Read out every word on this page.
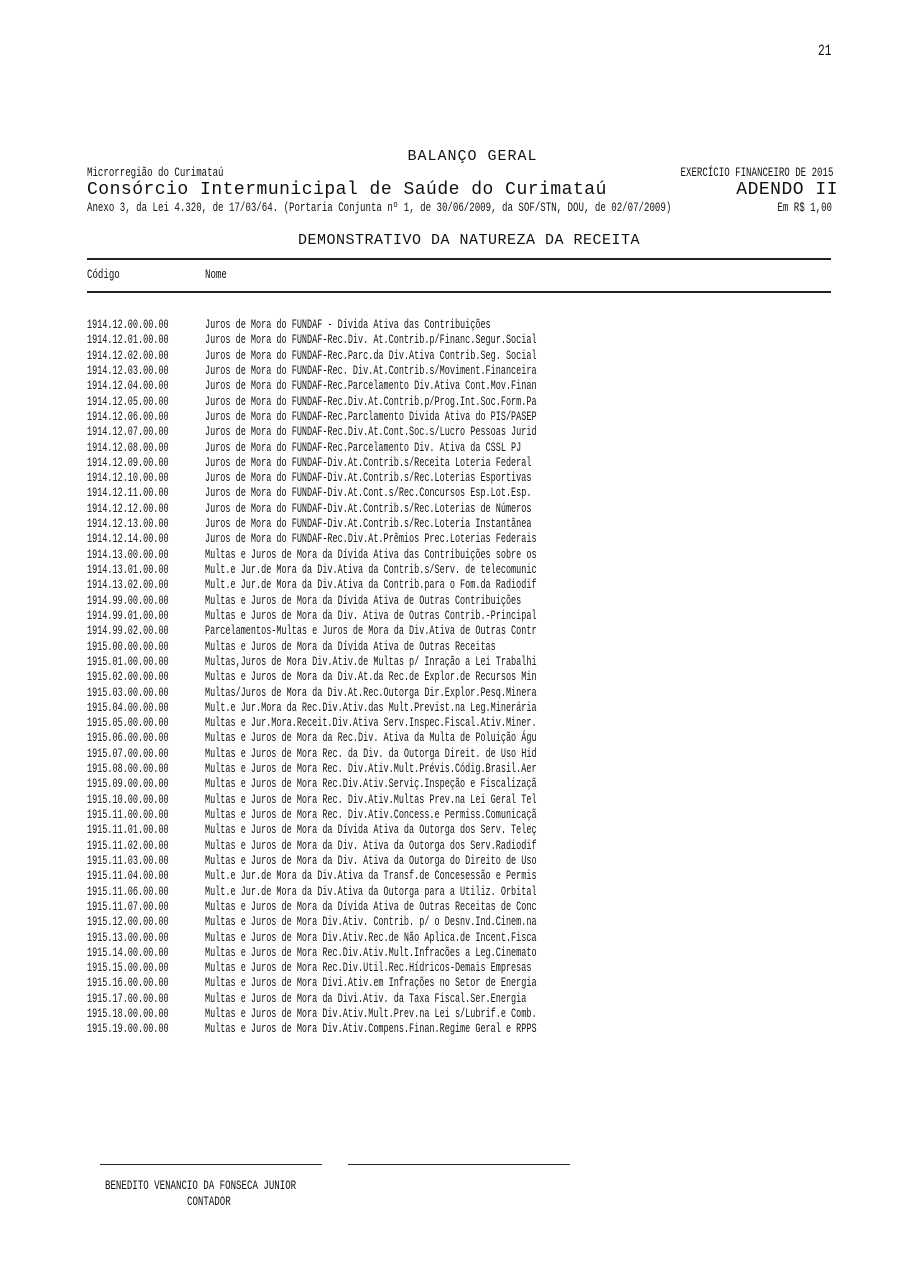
21
BALANÇO GERAL
Microrregião do Curimataú	EXERCÍCIO FINANCEIRO DE 2015
Consórcio Intermunicipal de Saúde do Curimataú	ADENDO II
Anexo 3, da Lei 4.320, de 17/03/64. (Portaria Conjunta nº 1, de 30/06/2009, da SOF/STN, DOU, de 02/07/2009)	Em R$ 1,00
DEMONSTRATIVO DA NATUREZA DA RECEITA
Código	Nome
1914.12.00.00.00	Juros de Mora do FUNDAF - Dívida Ativa das Contribuições
1914.12.01.00.00	Juros de Mora do FUNDAF-Rec.Div. At.Contrib.p/Financ.Segur.Social
1914.12.02.00.00	Juros de Mora do FUNDAF-Rec.Parc.da Div.Ativa Contrib.Seg. Social
1914.12.03.00.00	Juros de Mora do FUNDAF-Rec. Div.At.Contrib.s/Moviment.Financeira
1914.12.04.00.00	Juros de Mora do FUNDAF-Rec.Parcelamento Div.Ativa Cont.Mov.Finan
1914.12.05.00.00	Juros de Mora do FUNDAF-Rec.Div.At.Contrib.p/Prog.Int.Soc.Form.Pa
1914.12.06.00.00	Juros de Mora do FUNDAF-Rec.Parclamento Divida Ativa do PIS/PASEP
1914.12.07.00.00	Juros de Mora do FUNDAF-Rec.Div.At.Cont.Soc.s/Lucro Pessoas Jurid
1914.12.08.00.00	Juros de Mora do FUNDAF-Rec.Parcelamento Div. Ativa da CSSL PJ
1914.12.09.00.00	Juros de Mora do FUNDAF-Div.At.Contrib.s/Receita Loteria Federal
1914.12.10.00.00	Juros de Mora do FUNDAF-Div.At.Contrib.s/Rec.Loterias Esportivas
1914.12.11.00.00	Juros de Mora do FUNDAF-Div.At.Cont.s/Rec.Concursos Esp.Lot.Esp.
1914.12.12.00.00	Juros de Mora do FUNDAF-Div.At.Contrib.s/Rec.Loterias de Números
1914.12.13.00.00	Juros de Mora do FUNDAF-Div.At.Contrib.s/Rec.Loteria Instantânea
1914.12.14.00.00	Juros de Mora do FUNDAF-Rec.Div.At.Prêmios Prec.Loterias Federais
1914.13.00.00.00	Multas e Juros de Mora da Dívida Ativa das Contribuições sobre os
1914.13.01.00.00	Mult.e Jur.de Mora da Div.Ativa da Contrib.s/Serv. de telecomunic
1914.13.02.00.00	Mult.e Jur.de Mora da Div.Ativa da Contrib.para o Fom.da Radiodif
1914.99.00.00.00	Multas e Juros de Mora da Dívida Ativa de Outras Contribuições
1914.99.01.00.00	Multas e Juros de Mora da Div. Ativa de Outras Contrib.-Principal
1914.99.02.00.00	Parcelamentos-Multas e Juros de Mora da Div.Ativa de Outras Contr
1915.00.00.00.00	Multas e Juros de Mora da Dívida Ativa de Outras Receitas
1915.01.00.00.00	Multas,Juros de Mora Div.Ativ.de Multas p/ Inração a Lei Trabalhi
1915.02.00.00.00	Multas e Juros de Mora da Div.At.da Rec.de Explor.de Recursos Min
1915.03.00.00.00	Multas/Juros de Mora da Div.At.Rec.Outorga Dir.Explor.Pesq.Minera
1915.04.00.00.00	Mult.e Jur.Mora da Rec.Div.Ativ.das Mult.Previst.na Leg.Minerária
1915.05.00.00.00	Multas e Jur.Mora.Receit.Div.Ativa Serv.Inspec.Fiscal.Ativ.Miner.
1915.06.00.00.00	Multas e Juros de Mora da Rec.Div. Ativa da Multa de Poluição Águ
1915.07.00.00.00	Multas e Juros de Mora Rec. da Div. da Outorga Direit. de Uso Hid
1915.08.00.00.00	Multas e Juros de Mora Rec. Div.Ativ.Mult.Prévis.Códig.Brasil.Aer
1915.09.00.00.00	Multas e Juros de Mora Rec.Div.Ativ.Serviç.Inspeção e Fiscalizaçã
1915.10.00.00.00	Multas e Juros de Mora Rec. Div.Ativ.Multas Prev.na Lei Geral Tel
1915.11.00.00.00	Multas e Juros de Mora Rec. Div.Ativ.Concess.e Permiss.Comunicaçã
1915.11.01.00.00	Multas e Juros de Mora da Dívida Ativa da Outorga dos Serv. Teleç
1915.11.02.00.00	Multas e Juros de Mora da Div. Ativa da Outorga dos Serv.Radiodif
1915.11.03.00.00	Multas e Juros de Mora da Div. Ativa da Outorga do Direito de Uso
1915.11.04.00.00	Mult.e Jur.de Mora da Div.Ativa da Transf.de Concesessão e Permis
1915.11.06.00.00	Mult.e Jur.de Mora da Div.Ativa da Outorga para a Utiliz. Orbital
1915.11.07.00.00	Multas e Juros de Mora da Dívida Ativa de Outras Receitas de Conc
1915.12.00.00.00	Multas e Juros de Mora Div.Ativ. Contrib. p/ o Desnv.Ind.Cinem.na
1915.13.00.00.00	Multas e Juros de Mora Div.Ativ.Rec.de Não Aplica.de Incent.Fisca
1915.14.00.00.00	Multas e Juros de Mora Rec.Div.Ativ.Mult.Infracões a Leg.Cinemato
1915.15.00.00.00	Multas e Juros de Mora Rec.Div.Util.Rec.Hídricos-Demais Empresas
1915.16.00.00.00	Multas e Juros de Mora Divi.Ativ.em Infrações no Setor de Energia
1915.17.00.00.00	Multas e Juros de Mora da Divi.Ativ. da Taxa Fiscal.Ser.Energia
1915.18.00.00.00	Multas e Juros de Mora Div.Ativ.Mult.Prev.na Lei s/Lubrif.e Comb.
1915.19.00.00.00	Multas e Juros de Mora Div.Ativ.Compens.Finan.Regime Geral e RPPS
BENEDITO VENANCIO DA FONSECA JUNIOR
CONTADOR
